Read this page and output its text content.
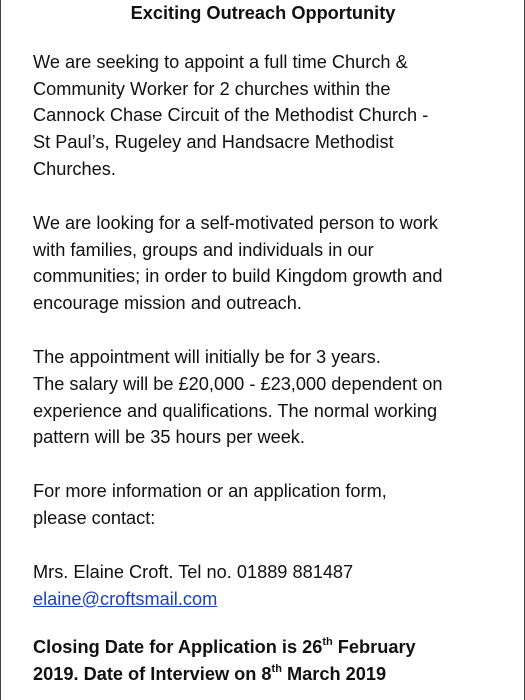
Exciting Outreach Opportunity

We are seeking to appoint a full time Church &
Community Worker for 2 churches within the
Cannock Chase Circuit of the Methodist Church -
St Paul’s, Rugeley and Handsacre Methodist
Churches.

We are looking for a self-motivated person to work
with families, groups and individuals in our
communities; in order to build Kingdom growth and
encourage mission and outreach.

The appointment will initially be for 3 years.
The salary will be £20,000 - £23,000 dependent on
experience and qualifications. The normal working
pattern will be 35 hours per week.

For more information or an application form,
please contact:

Mrs. Elaine Croft. Tel no. 01889 881487
elaine@croftsmail.com

Closing Date for Application is 26th February
2019. Date of Interview on 8th March 2019
